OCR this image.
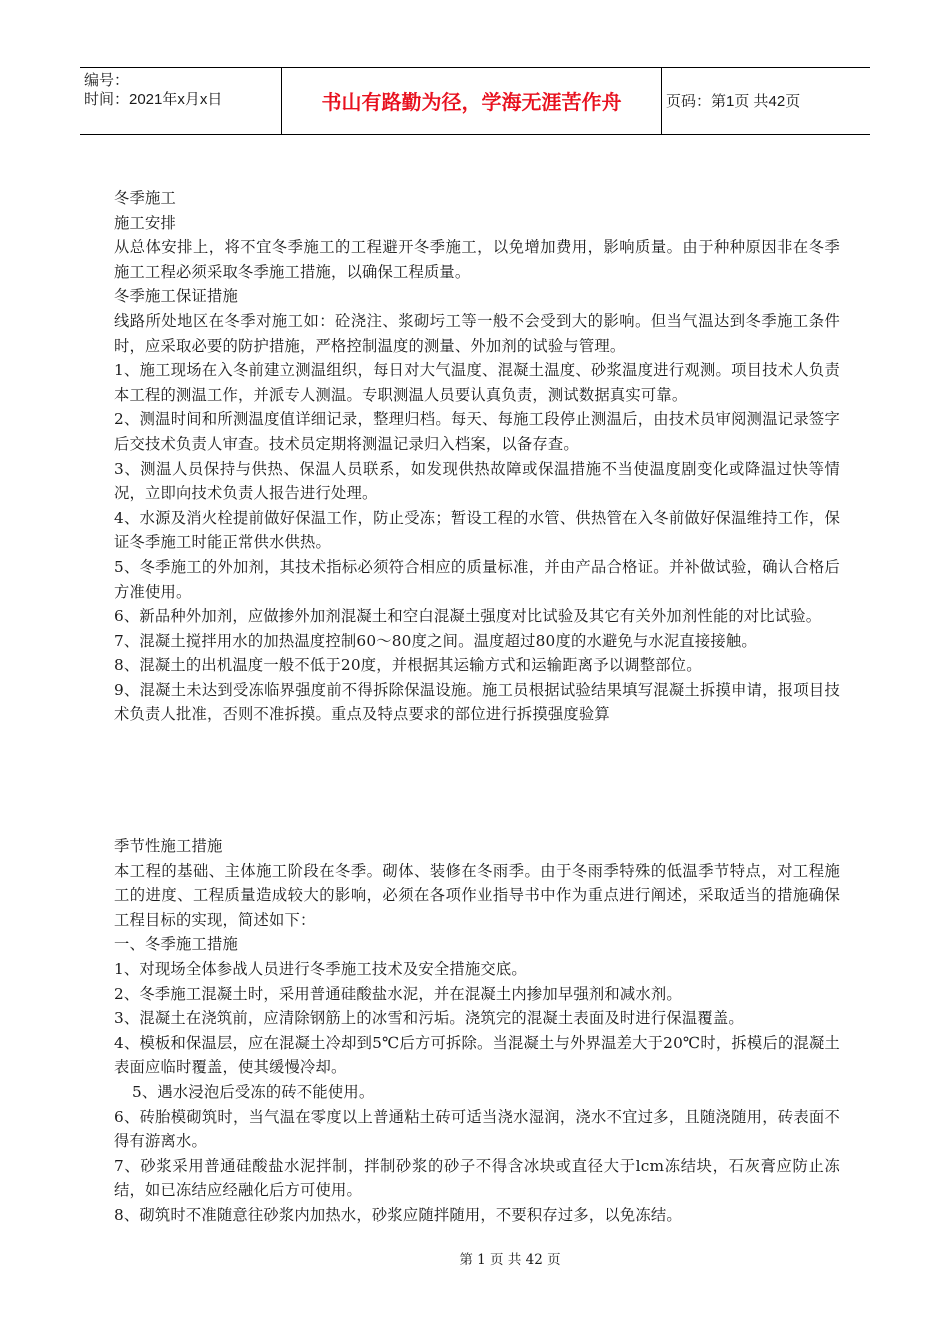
编号：
时间：2021年x月x日	书山有路勤为径，学海无涯苦作舟	页码：第1页 共42页

冬季施工

施工安排

从总体安排上，将不宜冬季施工的工程避开冬季施工，以免增加费用，影响质量。由于种种原因非在冬季施工工程必须采取冬季施工措施，以确保工程质量。

冬季施工保证措施

线路所处地区在冬季对施工如：砼浇注、浆砌圬工等一般不会受到大的影响。但当气温达到冬季施工条件时，应采取必要的防护措施，严格控制温度的测量、外加剂的试验与管理。

1、施工现场在入冬前建立测温组织，每日对大气温度、混凝土温度、砂浆温度进行观测。项目技术人负责本工程的测温工作，并派专人测温。专职测温人员要认真负责，测试数据真实可靠。

2、测温时间和所测温度值详细记录，整理归档。每天、每施工段停止测温后，由技术员审阅测温记录签字后交技术负责人审查。技术员定期将测温记录归入档案，以备存查。

3、测温人员保持与供热、保温人员联系，如发现供热故障或保温措施不当使温度剧变化或降温过快等情况，立即向技术负责人报告进行处理。

4、水源及消火栓提前做好保温工作，防止受冻；暂设工程的水管、供热管在入冬前做好保温维持工作，保证冬季施工时能正常供水供热。

5、冬季施工的外加剂，其技术指标必须符合相应的质量标准，并由产品合格证。并补做试验，确认合格后方准使用。

6、新品种外加剂，应做掺外加剂混凝土和空白混凝土强度对比试验及其它有关外加剂性能的对比试验。

7、混凝土搅拌用水的加热温度控制60～80度之间。温度超过80度的水避免与水泥直接接触。

8、混凝土的出机温度一般不低于20度，并根据其运输方式和运输距离予以调整部位。

9、混凝土未达到受冻临界强度前不得拆除保温设施。施工员根据试验结果填写混凝土拆摸申请，报项目技术负责人批准，否则不准拆摸。重点及特点要求的部位进行拆摸强度验算

季节性施工措施

本工程的基础、主体施工阶段在冬季。砌体、装修在冬雨季。由于冬雨季特殊的低温季节特点，对工程施工的进度、工程质量造成较大的影响，必须在各项作业指导书中作为重点进行阐述，采取适当的措施确保工程目标的实现，简述如下：

一、冬季施工措施

1、对现场全体参战人员进行冬季施工技术及安全措施交底。

2、冬季施工混凝土时，采用普通硅酸盐水泥，并在混凝土内掺加早强剂和减水剂。

3、混凝土在浇筑前，应清除钢筋上的冰雪和污垢。浇筑完的混凝土表面及时进行保温覆盖。

4、模板和保温层，应在混凝土冷却到5℃后方可拆除。当混凝土与外界温差大于20℃时，拆模后的混凝土表面应临时覆盖，使其缓慢冷却。

5、遇水浸泡后受冻的砖不能使用。

6、砖胎模砌筑时，当气温在零度以上普通粘土砖可适当浇水湿润，浇水不宜过多，且随浇随用，砖表面不得有游离水。

7、砂浆采用普通硅酸盐水泥拌制，拌制砂浆的砂子不得含冰块或直径大于lcm冻结块，石灰膏应防止冻结，如已冻结应经融化后方可使用。

8、砌筑时不准随意往砂浆内加热水，砂浆应随拌随用，不要积存过多，以免冻结。

第 1 页 共 42 页
